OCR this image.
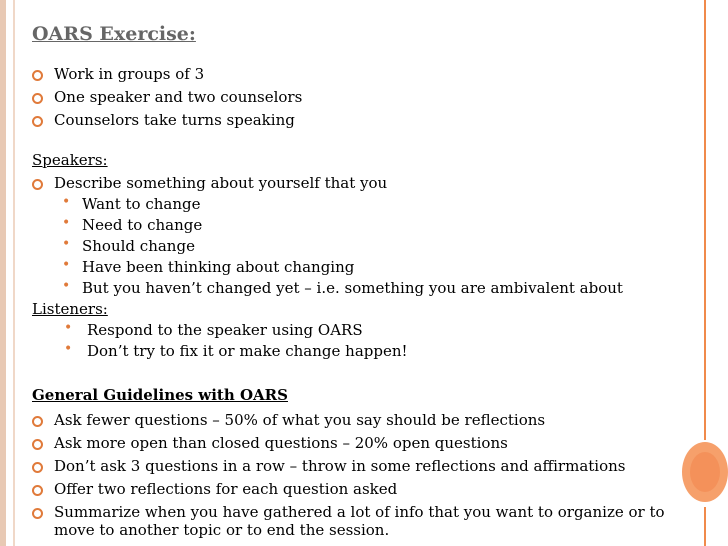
OARS Exercise:
Work in groups of 3
One speaker and two counselors
Counselors take turns speaking
Speakers:
Describe something about yourself that you
• Want to change
• Need to change
• Should change
• Have been thinking about changing
• But you haven’t changed yet – i.e. something you are ambivalent about
Listeners:
• Respond to the speaker using OARS
• Don’t try to fix it or make change happen!
General Guidelines with OARS
Ask fewer questions – 50% of what you say should be reflections
Ask more open than closed questions – 20% open questions
Don’t ask 3 questions in a row – throw in some reflections and affirmations
Offer two reflections for each question asked
Summarize when you have gathered a lot of info that you want to organize or to
move to another topic or to end the session.
